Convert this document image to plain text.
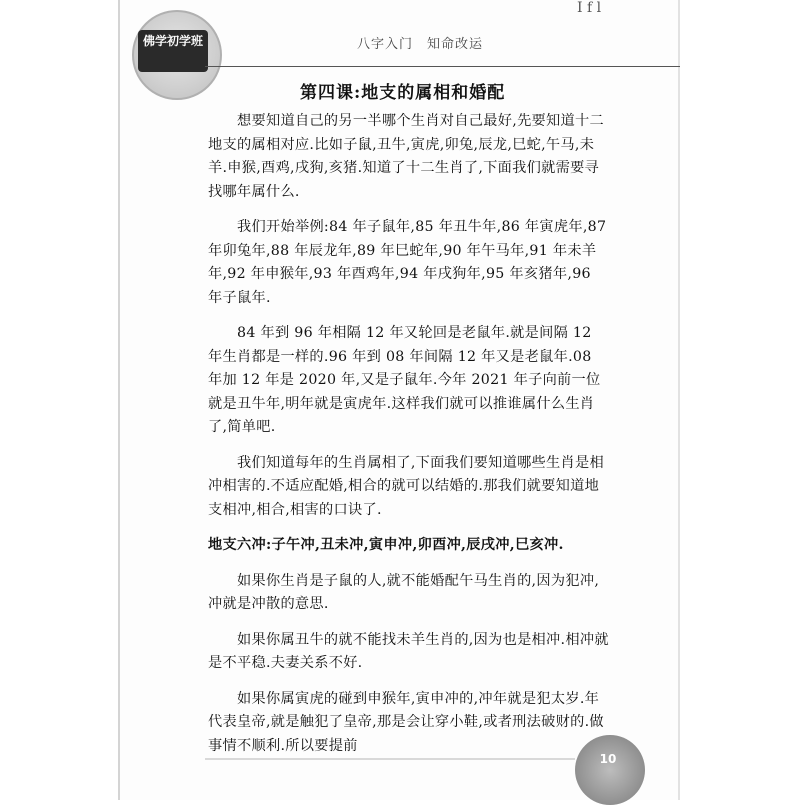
I f l
佛学初学班	八字入门　知命改运
第四课:地支的属相和婚配

想要知道自己的另一半哪个生肖对自己最好,先要知道十二地支的属相对应.比如子鼠,丑牛,寅虎,卯兔,辰龙,巳蛇,午马,未羊.申猴,酉鸡,戌狗,亥猪.知道了十二生肖了,下面我们就需要寻找哪年属什么.

我们开始举例:84 年子鼠年,85 年丑牛年,86 年寅虎年,87 年卯兔年,88 年辰龙年,89 年巳蛇年,90 年午马年,91 年未羊年,92 年申猴年,93 年酉鸡年,94 年戌狗年,95 年亥猪年,96 年子鼠年.

84 年到 96 年相隔 12 年又轮回是老鼠年.就是间隔 12 年生肖都是一样的.96 年到 08 年间隔 12 年又是老鼠年.08 年加 12 年是 2020 年,又是子鼠年.今年 2021 年子向前一位就是丑牛年,明年就是寅虎年.这样我们就可以推谁属什么生肖了,简单吧.

我们知道每年的生肖属相了,下面我们要知道哪些生肖是相冲相害的.不适应配婚,相合的就可以结婚的.那我们就要知道地支相冲,相合,相害的口诀了.

地支六冲:子午冲,丑未冲,寅申冲,卯酉冲,辰戌冲,巳亥冲.

如果你生肖是子鼠的人,就不能婚配午马生肖的,因为犯冲,冲就是冲散的意思.

如果你属丑牛的就不能找未羊生肖的,因为也是相冲.相冲就是不平稳.夫妻关系不好.

如果你属寅虎的碰到申猴年,寅申冲的,冲年就是犯太岁.年代表皇帝,就是触犯了皇帝,那是会让穿小鞋,或者刑法破财的.做事情不顺利.所以要提前

10
